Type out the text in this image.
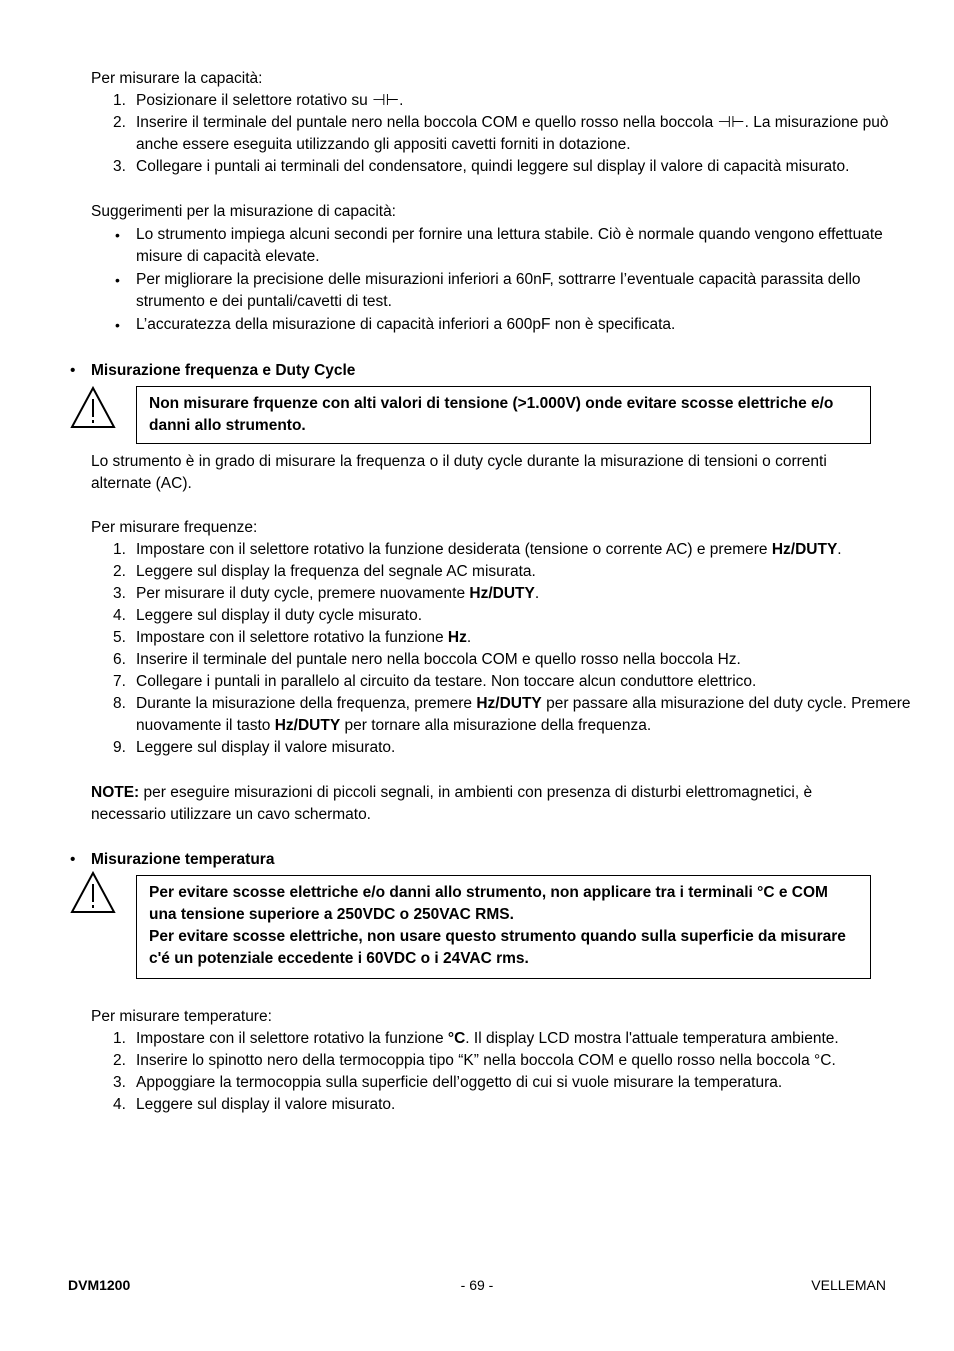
Per misurare la capacità:
1. Posizionare il selettore rotativo su ⊣⊢.
2. Inserire il terminale del puntale nero nella boccola COM e quello rosso nella boccola ⊣⊢. La misurazione può anche essere eseguita utilizzando gli appositi cavetti forniti in dotazione.
3. Collegare i puntali ai terminali del condensatore, quindi leggere sul display il valore di capacità misurato.
Suggerimenti per la misurazione di capacità:
• Lo strumento impiega alcuni secondi per fornire una lettura stabile. Ciò è normale quando vengono effettuate misure di capacità elevate.
• Per migliorare la precisione delle misurazioni inferiori a 60nF, sottrarre l’eventuale capacità parassita dello strumento e dei puntali/cavetti di test.
• L’accuratezza della misurazione di capacità inferiori a 600pF non è specificata.
• Misurazione frequenza e Duty Cycle
Non misurare frquenze con alti valori di tensione (>1.000V) onde evitare scosse elettriche e/o danni allo strumento.
Lo strumento è in grado di misurare la frequenza o il duty cycle durante la misurazione di tensioni o correnti alternate (AC).
Per misurare frequenze:
1. Impostare con il selettore rotativo la funzione desiderata (tensione o corrente AC) e premere Hz/DUTY.
2. Leggere sul display la frequenza del segnale AC misurata.
3. Per misurare il duty cycle, premere nuovamente Hz/DUTY.
4. Leggere sul display il duty cycle misurato.
5. Impostare con il selettore rotativo la funzione Hz.
6. Inserire il terminale del puntale nero nella boccola COM e quello rosso nella boccola Hz.
7. Collegare i puntali in parallelo al circuito da testare. Non toccare alcun conduttore elettrico.
8. Durante la misurazione della frequenza, premere Hz/DUTY per passare alla misurazione del duty cycle. Premere nuovamente il tasto Hz/DUTY per tornare alla misurazione della frequenza.
9. Leggere sul display il valore misurato.
NOTE: per eseguire misurazioni di piccoli segnali, in ambienti con presenza di disturbi elettromagnetici, è necessario utilizzare un cavo schermato.
• Misurazione temperatura
Per evitare scosse elettriche e/o danni allo strumento, non applicare tra i terminali °C e COM una tensione superiore a 250VDC o 250VAC RMS.
Per evitare scosse elettriche, non usare questo strumento quando sulla superficie da misurare c'é un potenziale eccedente i 60VDC o i 24VAC rms.
Per misurare temperature:
1. Impostare con il selettore rotativo la funzione °C. Il display LCD mostra l'attuale temperatura ambiente.
2. Inserire lo spinotto nero della termocoppia tipo “K” nella boccola COM e quello rosso nella boccola °C.
3. Appoggiare la termocoppia sulla superficie dell’oggetto di cui si vuole misurare la temperatura.
4. Leggere sul display il valore misurato.
DVM1200	- 69 -	VELLEMAN
